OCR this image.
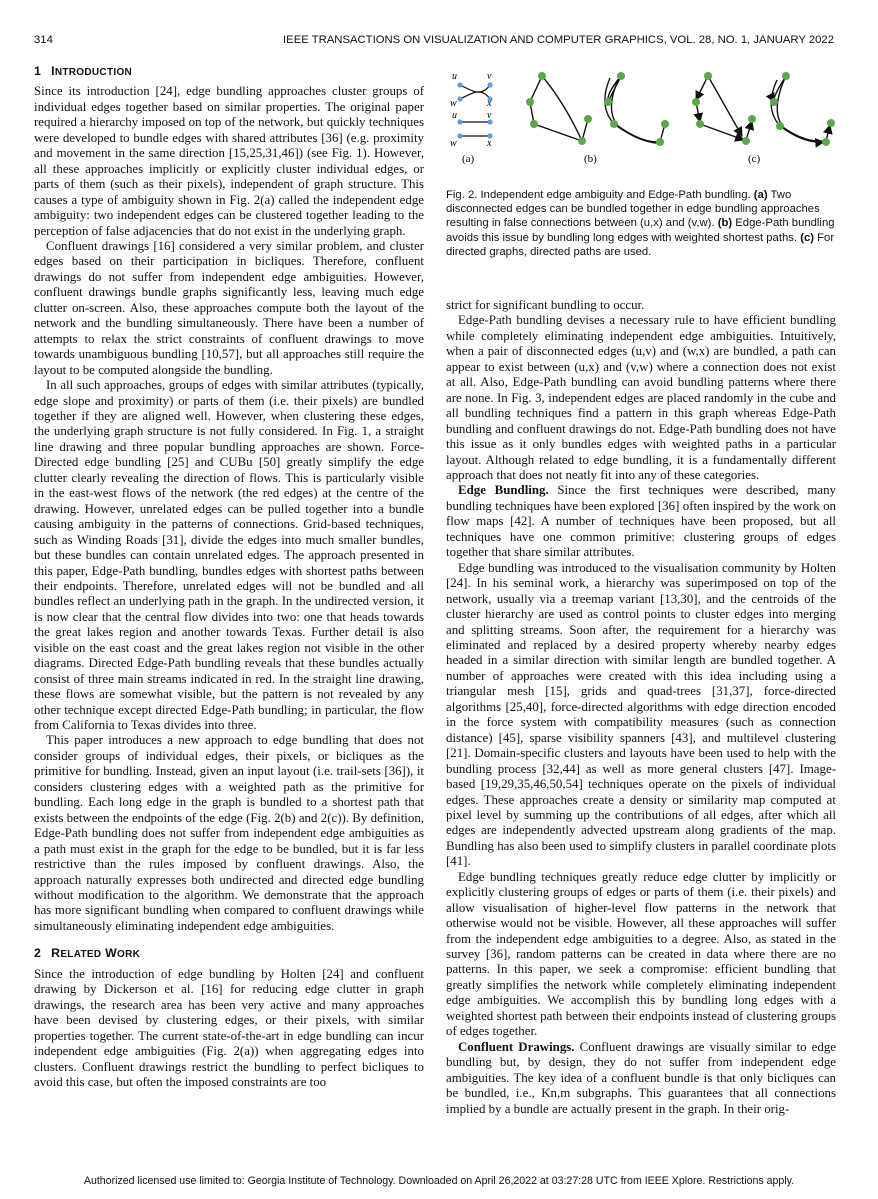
314	IEEE TRANSACTIONS ON VISUALIZATION AND COMPUTER GRAPHICS, VOL. 28, NO. 1, JANUARY 2022
1 INTRODUCTION

Since its introduction [24], edge bundling approaches cluster groups of individual edges together based on similar properties. The original paper required a hierarchy imposed on top of the network, but quickly techniques were developed to bundle edges with shared attributes [36] (e.g. proximity and movement in the same direction [15,25,31,46]) (see Fig. 1). However, all these approaches implicitly or explicitly cluster individual edges, or parts of them (such as their pixels), independent of graph structure. This causes a type of ambiguity shown in Fig. 2(a) called the independent edge ambiguity: two independent edges can be clustered together leading to the perception of false adjacencies that do not exist in the underlying graph.

Confluent drawings [16] considered a very similar problem, and cluster edges based on their participation in bicliques. Therefore, confluent drawings do not suffer from independent edge ambiguities. However, confluent drawings bundle graphs significantly less, leaving much edge clutter on-screen. Also, these approaches compute both the layout of the network and the bundling simultaneously. There have been a number of attempts to relax the strict constraints of confluent drawings to move towards unambiguous bundling [10,57], but all approaches still require the layout to be computed alongside the bundling.

In all such approaches, groups of edges with similar attributes (typically, edge slope and proximity) or parts of them (i.e. their pixels) are bundled together if they are aligned well. However, when clustering these edges, the underlying graph structure is not fully considered. In Fig. 1, a straight line drawing and three popular bundling approaches are shown. Force-Directed edge bundling [25] and CUBu [50] greatly simplify the edge clutter clearly revealing the direction of flows. This is particularly visible in the east-west flows of the network (the red edges) at the centre of the drawing. However, unrelated edges can be pulled together into a bundle causing ambiguity in the patterns of connections. Grid-based techniques, such as Winding Roads [31], divide the edges into much smaller bundles, but these bundles can contain unrelated edges. The approach presented in this paper, Edge-Path bundling, bundles edges with shortest paths between their endpoints. Therefore, unrelated edges will not be bundled and all bundles reflect an underlying path in the graph. In the undirected version, it is now clear that the central flow divides into two: one that heads towards the great lakes region and another towards Texas. Further detail is also visible on the east coast and the great lakes region not visible in the other diagrams. Directed Edge-Path bundling reveals that these bundles actually consist of three main streams indicated in red. In the straight line drawing, these flows are somewhat visible, but the pattern is not revealed by any other technique except directed Edge-Path bundling; in particular, the flow from California to Texas divides into three.

This paper introduces a new approach to edge bundling that does not consider groups of individual edges, their pixels, or bicliques as the primitive for bundling. Instead, given an input layout (i.e. trail-sets [36]), it considers clustering edges with a weighted path as the primitive for bundling. Each long edge in the graph is bundled to a shortest path that exists between the endpoints of the edge (Fig. 2(b) and 2(c)). By definition, Edge-Path bundling does not suffer from independent edge ambiguities as a path must exist in the graph for the edge to be bundled, but it is far less restrictive than the rules imposed by confluent drawings. Also, the approach naturally expresses both undirected and directed edge bundling without modification to the algorithm. We demonstrate that the approach has more significant bundling when compared to confluent drawings while simultaneously eliminating independent edge ambiguities.

2 RELATED WORK

Since the introduction of edge bundling by Holten [24] and confluent drawing by Dickerson et al. [16] for reducing edge clutter in graph drawings, the research area has been very active and many approaches have been devised by clustering edges, or their pixels, with similar properties together. The current state-of-the-art in edge bundling can incur independent edge ambiguities (Fig. 2(a)) when aggregating edges into clusters. Confluent drawings restrict the bundling to perfect bicliques to avoid this case, but often the imposed constraints are too

u	v
w	x
u	v
w	x
(a)	(b)	(c)
Fig. 2. Independent edge ambiguity and Edge-Path bundling. (a) Two disconnected edges can be bundled together in edge bundling approaches resulting in false connections between (u,x) and (v,w). (b) Edge-Path bundling avoids this issue by bundling long edges with weighted shortest paths. (c) For directed graphs, directed paths are used.

strict for significant bundling to occur.

Edge-Path bundling devises a necessary rule to have efficient bundling while completely eliminating independent edge ambiguities. Intuitively, when a pair of disconnected edges (u,v) and (w,x) are bundled, a path can appear to exist between (u,x) and (v,w) where a connection does not exist at all. Also, Edge-Path bundling can avoid bundling patterns where there are none. In Fig. 3, independent edges are placed randomly in the cube and all bundling techniques find a pattern in this graph whereas Edge-Path bundling and confluent drawings do not. Edge-Path bundling does not have this issue as it only bundles edges with weighted paths in a particular layout. Although related to edge bundling, it is a fundamentally different approach that does not neatly fit into any of these categories.

Edge Bundling. Since the first techniques were described, many bundling techniques have been explored [36] often inspired by the work on flow maps [42]. A number of techniques have been proposed, but all techniques have one common primitive: clustering groups of edges together that share similar attributes.

Edge bundling was introduced to the visualisation community by Holten [24]. In his seminal work, a hierarchy was superimposed on top of the network, usually via a treemap variant [13,30], and the centroids of the cluster hierarchy are used as control points to cluster edges into merging and splitting streams. Soon after, the requirement for a hierarchy was eliminated and replaced by a desired property whereby nearby edges headed in a similar direction with similar length are bundled together. A number of approaches were created with this idea including using a triangular mesh [15], grids and quad-trees [31,37], force-directed algorithms [25,40], force-directed algorithms with edge direction encoded in the force system with compatibility measures (such as connection distance) [45], sparse visibility spanners [43], and multilevel clustering [21]. Domain-specific clusters and layouts have been used to help with the bundling process [32,44] as well as more general clusters [47]. Image-based [19,29,35,46,50,54] techniques operate on the pixels of individual edges. These approaches create a density or similarity map computed at pixel level by summing up the contributions of all edges, after which all edges are independently advected upstream along gradients of the map. Bundling has also been used to simplify clusters in parallel coordinate plots [41].

Edge bundling techniques greatly reduce edge clutter by implicitly or explicitly clustering groups of edges or parts of them (i.e. their pixels) and allow visualisation of higher-level flow patterns in the network that otherwise would not be visible. However, all these approaches will suffer from the independent edge ambiguities to a degree. Also, as stated in the survey [36], random patterns can be created in data where there are no patterns. In this paper, we seek a compromise: efficient bundling that greatly simplifies the network while completely eliminating independent edge ambiguities. We accomplish this by bundling long edges with a weighted shortest path between their endpoints instead of clustering groups of edges together.

Confluent Drawings. Confluent drawings are visually similar to edge bundling but, by design, they do not suffer from independent edge ambiguities. The key idea of a confluent bundle is that only bicliques can be bundled, i.e., Kn,m subgraphs. This guarantees that all connections implied by a bundle are actually present in the graph. In their orig-

Authorized licensed use limited to: Georgia Institute of Technology. Downloaded on April 26,2022 at 03:27:28 UTC from IEEE Xplore. Restrictions apply.
